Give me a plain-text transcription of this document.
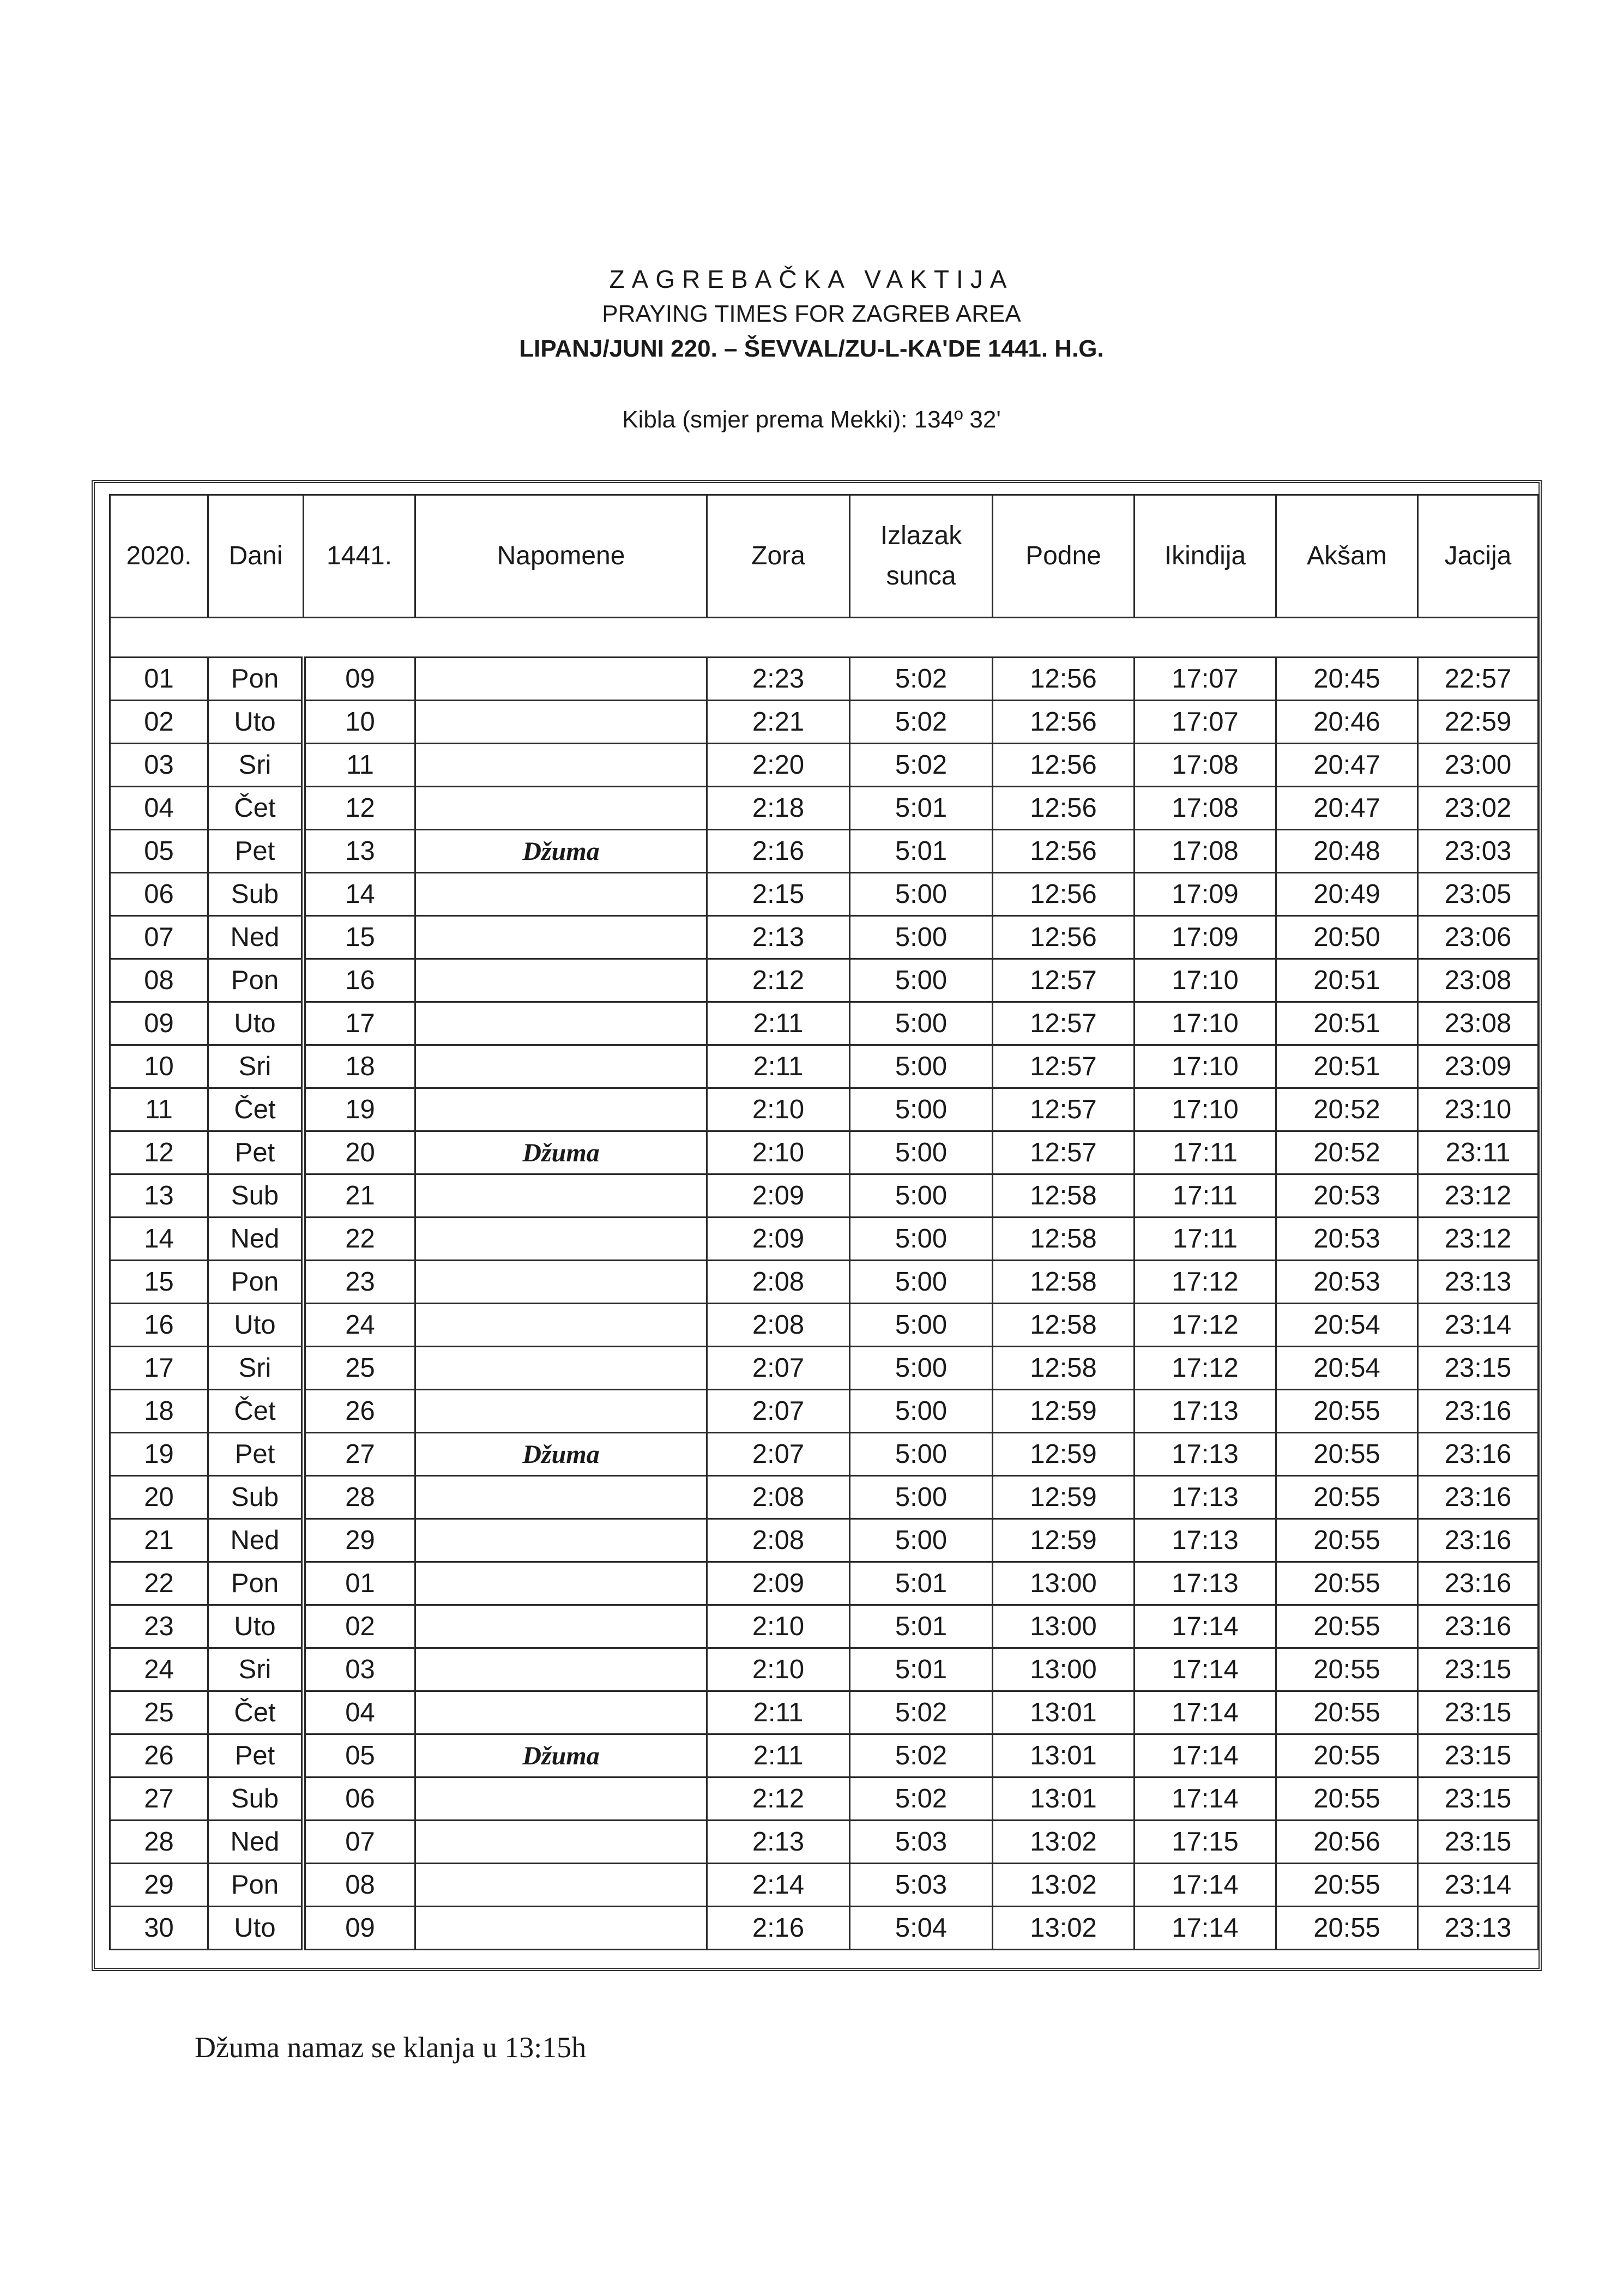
ZAGREBAČKA VAKTIJA
PRAYING TIMES FOR ZAGREB AREA
LIPANJ/JUNI 220. – ŠEVVAL/ZU-L-KA'DE 1441. H.G.
Kibla (smjer prema Mekki): 134º 32'
2020.	Dani	1441.	Napomene	Zora	Izlazak sunca	Podne	Ikindija	Akšam	Jacija

01	Pon	09		2:23	5:02	12:56	17:07	20:45	22:57
02	Uto	10		2:21	5:02	12:56	17:07	20:46	22:59
03	Sri	11		2:20	5:02	12:56	17:08	20:47	23:00
04	Čet	12		2:18	5:01	12:56	17:08	20:47	23:02
05	Pet	13	Džuma	2:16	5:01	12:56	17:08	20:48	23:03
06	Sub	14		2:15	5:00	12:56	17:09	20:49	23:05
07	Ned	15		2:13	5:00	12:56	17:09	20:50	23:06
08	Pon	16		2:12	5:00	12:57	17:10	20:51	23:08
09	Uto	17		2:11	5:00	12:57	17:10	20:51	23:08
10	Sri	18		2:11	5:00	12:57	17:10	20:51	23:09
11	Čet	19		2:10	5:00	12:57	17:10	20:52	23:10
12	Pet	20	Džuma	2:10	5:00	12:57	17:11	20:52	23:11
13	Sub	21		2:09	5:00	12:58	17:11	20:53	23:12
14	Ned	22		2:09	5:00	12:58	17:11	20:53	23:12
15	Pon	23		2:08	5:00	12:58	17:12	20:53	23:13
16	Uto	24		2:08	5:00	12:58	17:12	20:54	23:14
17	Sri	25		2:07	5:00	12:58	17:12	20:54	23:15
18	Čet	26		2:07	5:00	12:59	17:13	20:55	23:16
19	Pet	27	Džuma	2:07	5:00	12:59	17:13	20:55	23:16
20	Sub	28		2:08	5:00	12:59	17:13	20:55	23:16
21	Ned	29		2:08	5:00	12:59	17:13	20:55	23:16
22	Pon	01		2:09	5:01	13:00	17:13	20:55	23:16
23	Uto	02		2:10	5:01	13:00	17:14	20:55	23:16
24	Sri	03		2:10	5:01	13:00	17:14	20:55	23:15
25	Čet	04		2:11	5:02	13:01	17:14	20:55	23:15
26	Pet	05	Džuma	2:11	5:02	13:01	17:14	20:55	23:15
27	Sub	06		2:12	5:02	13:01	17:14	20:55	23:15
28	Ned	07		2:13	5:03	13:02	17:15	20:56	23:15
29	Pon	08		2:14	5:03	13:02	17:14	20:55	23:14
30	Uto	09		2:16	5:04	13:02	17:14	20:55	23:13
Džuma namaz se klanja u 13:15h
